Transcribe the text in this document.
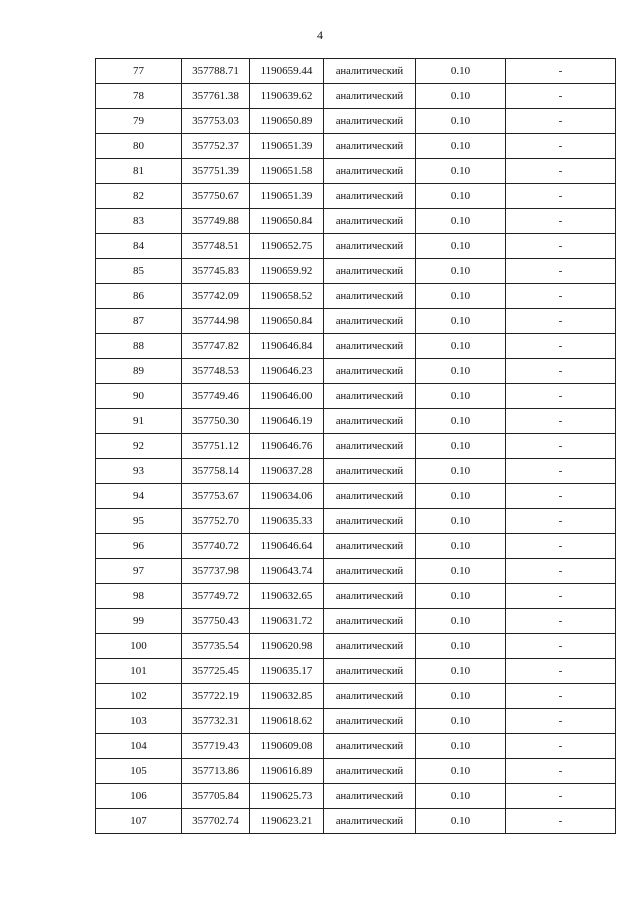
4
77	357788.71	1190659.44	аналитический	0.10	-
78	357761.38	1190639.62	аналитический	0.10	-
79	357753.03	1190650.89	аналитический	0.10	-
80	357752.37	1190651.39	аналитический	0.10	-
81	357751.39	1190651.58	аналитический	0.10	-
82	357750.67	1190651.39	аналитический	0.10	-
83	357749.88	1190650.84	аналитический	0.10	-
84	357748.51	1190652.75	аналитический	0.10	-
85	357745.83	1190659.92	аналитический	0.10	-
86	357742.09	1190658.52	аналитический	0.10	-
87	357744.98	1190650.84	аналитический	0.10	-
88	357747.82	1190646.84	аналитический	0.10	-
89	357748.53	1190646.23	аналитический	0.10	-
90	357749.46	1190646.00	аналитический	0.10	-
91	357750.30	1190646.19	аналитический	0.10	-
92	357751.12	1190646.76	аналитический	0.10	-
93	357758.14	1190637.28	аналитический	0.10	-
94	357753.67	1190634.06	аналитический	0.10	-
95	357752.70	1190635.33	аналитический	0.10	-
96	357740.72	1190646.64	аналитический	0.10	-
97	357737.98	1190643.74	аналитический	0.10	-
98	357749.72	1190632.65	аналитический	0.10	-
99	357750.43	1190631.72	аналитический	0.10	-
100	357735.54	1190620.98	аналитический	0.10	-
101	357725.45	1190635.17	аналитический	0.10	-
102	357722.19	1190632.85	аналитический	0.10	-
103	357732.31	1190618.62	аналитический	0.10	-
104	357719.43	1190609.08	аналитический	0.10	-
105	357713.86	1190616.89	аналитический	0.10	-
106	357705.84	1190625.73	аналитический	0.10	-
107	357702.74	1190623.21	аналитический	0.10	-
